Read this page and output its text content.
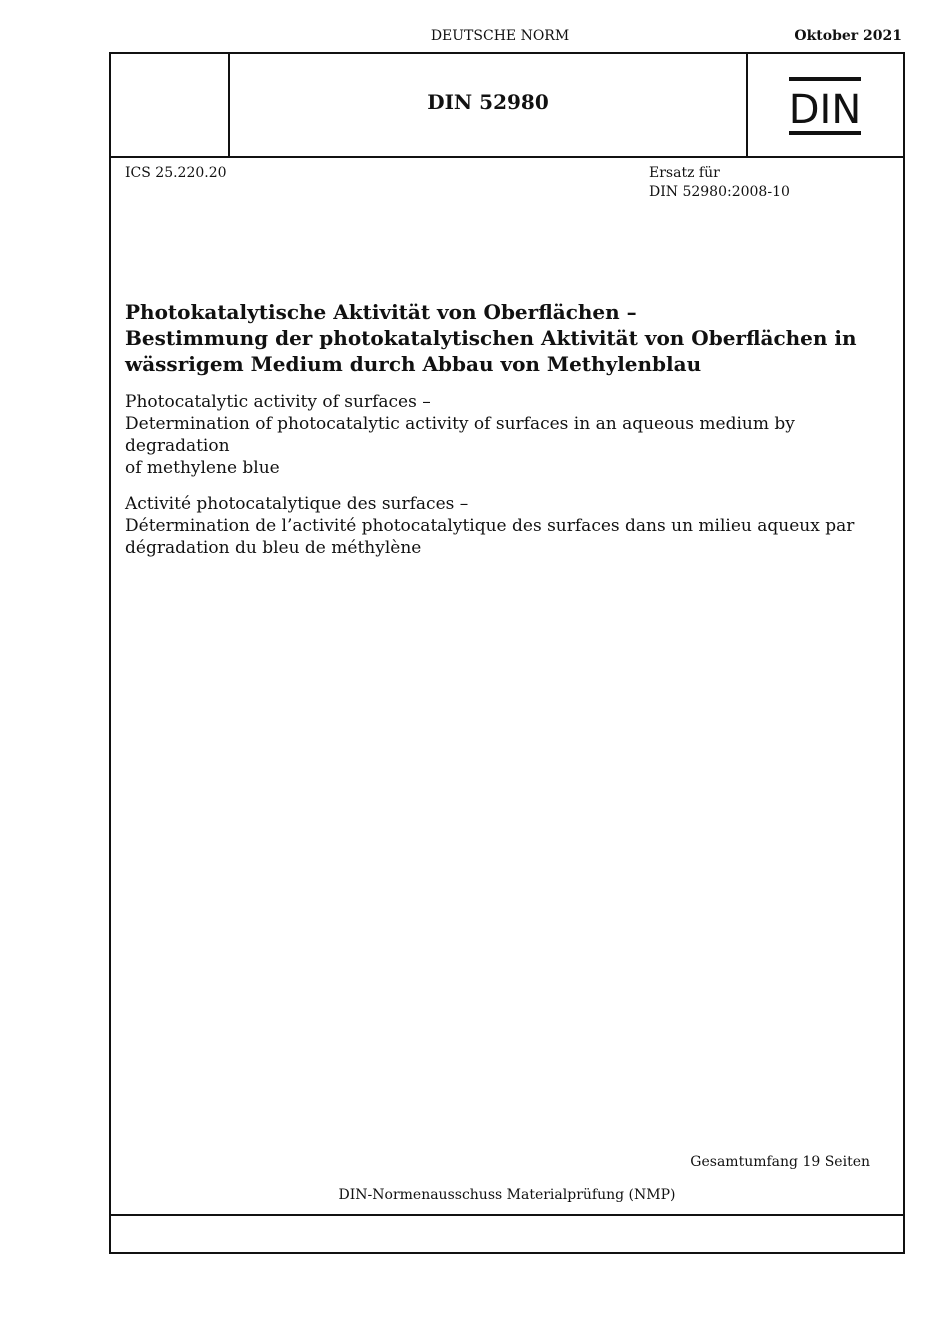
DEUTSCHE NORM	Oktober 2021
DIN 52980	DIN
ICS 25.220.20	Ersatz für
DIN 52980:2008-10

Photokatalytische Aktivität von Oberflächen –
Bestimmung der photokatalytischen Aktivität von Oberflächen in
wässrigem Medium durch Abbau von Methylenblau

Photocatalytic activity of surfaces –
Determination of photocatalytic activity of surfaces in an aqueous medium by degradation
of methylene blue

Activité photocatalytique des surfaces –
Détermination de l’activité photocatalytique des surfaces dans un milieu aqueux par
dégradation du bleu de méthylène

Gesamtumfang 19 Seiten
DIN-Normenausschuss Materialprüfung (NMP)
